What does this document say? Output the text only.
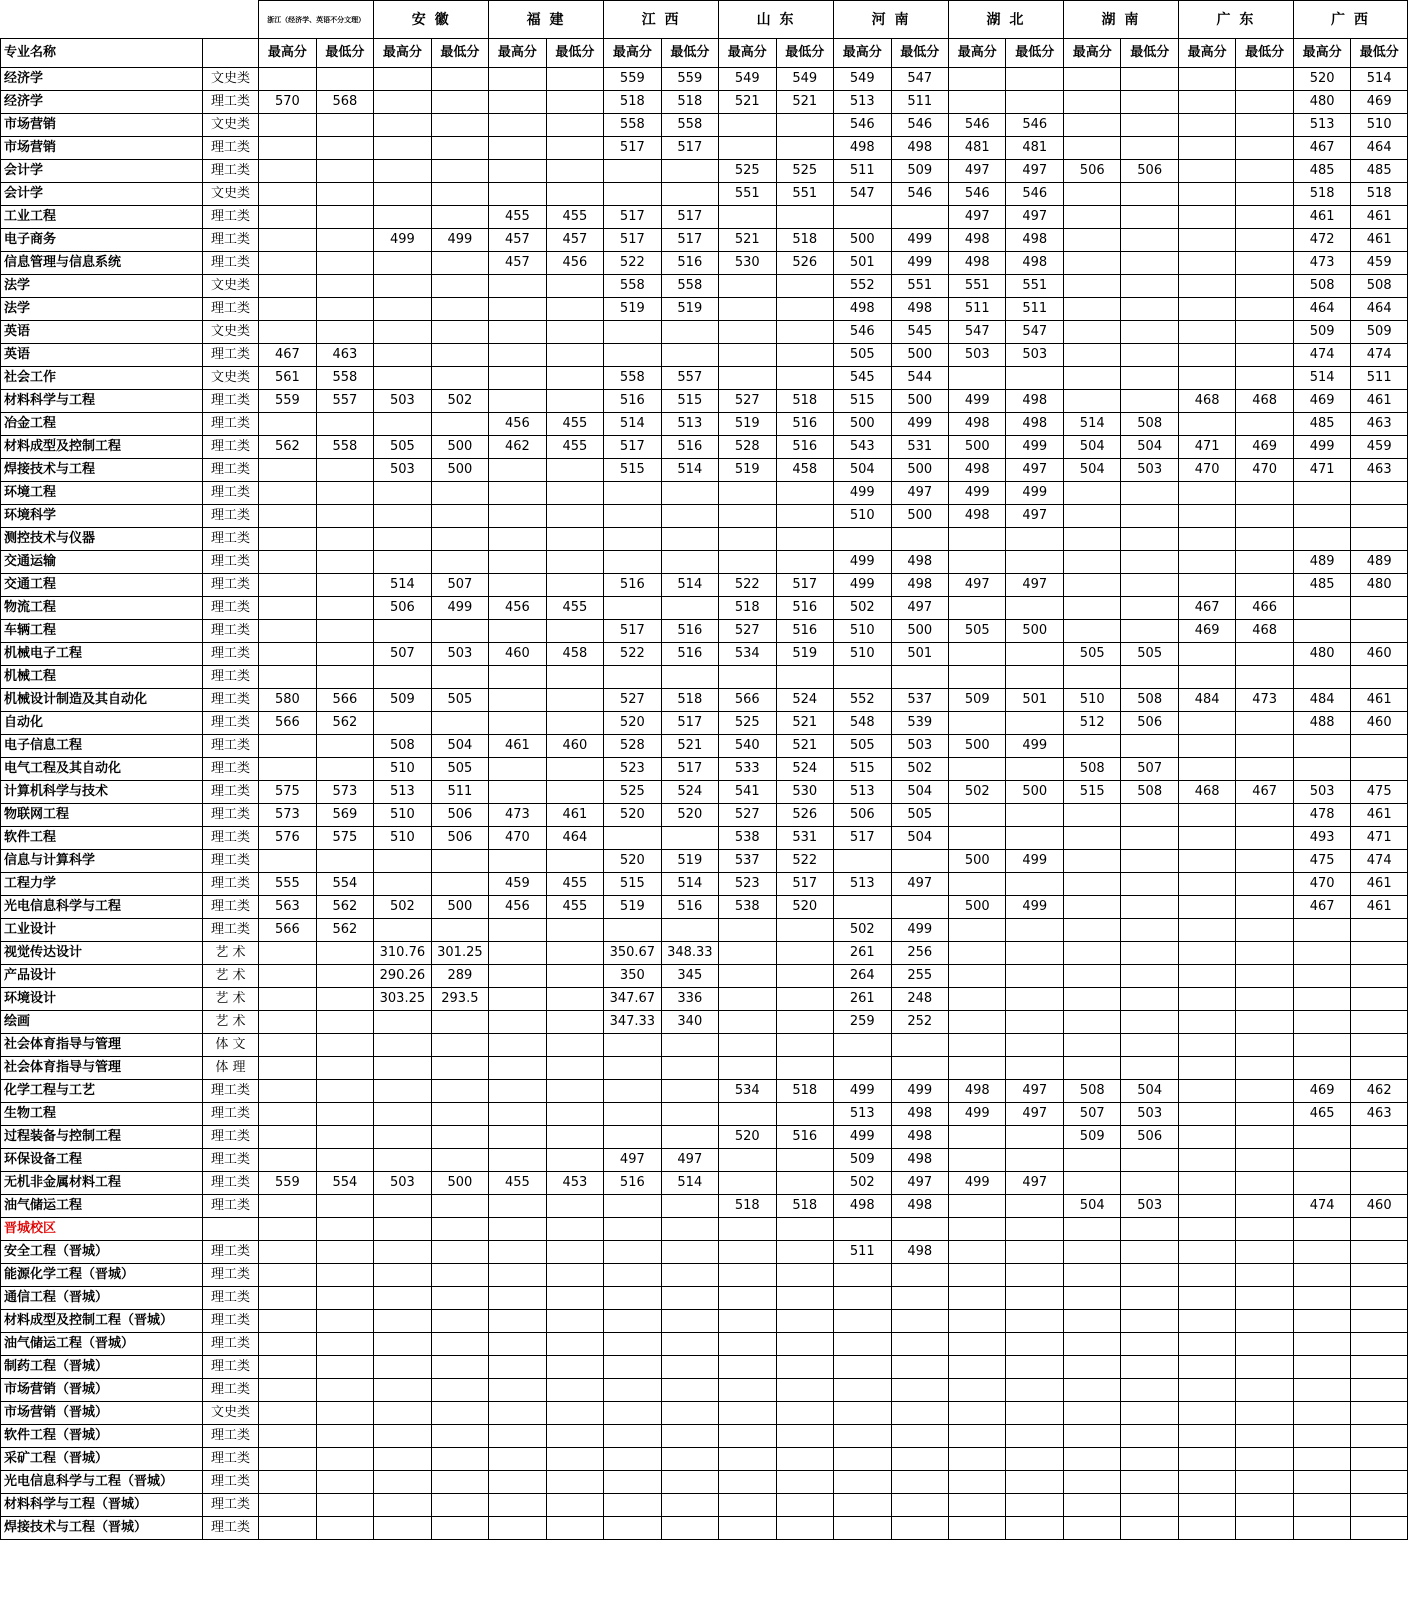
		浙江（经济学、英语不分文理）		安 徽		福 建		江 西		山 东		河 南		湖 北		湖 南		广 东		广 西	
专业名称		最高分	最低分	最高分	最低分	最高分	最低分	最高分	最低分	最高分	最低分	最高分	最低分	最高分	最低分	最高分	最低分	最高分	最低分	最高分	最低分
经济学	文史类							559	559	549	549	549	547							520	514
经济学	理工类	570	568					518	518	521	521	513	511							480	469
市场营销	文史类							558	558			546	546	546	546					513	510
市场营销	理工类							517	517			498	498	481	481					467	464
会计学	理工类									525	525	511	509	497	497	506	506			485	485
会计学	文史类									551	551	547	546	546	546					518	518
工业工程	理工类					455	455	517	517					497	497					461	461
电子商务	理工类			499	499	457	457	517	517	521	518	500	499	498	498					472	461
信息管理与信息系统	理工类					457	456	522	516	530	526	501	499	498	498					473	459
法学	文史类							558	558			552	551	551	551					508	508
法学	理工类							519	519			498	498	511	511					464	464
英语	文史类											546	545	547	547					509	509
英语	理工类	467	463									505	500	503	503					474	474
社会工作	文史类	561	558					558	557			545	544							514	511
材料科学与工程	理工类	559	557	503	502			516	515	527	518	515	500	499	498			468	468	469	461
冶金工程	理工类					456	455	514	513	519	516	500	499	498	498	514	508			485	463
材料成型及控制工程	理工类	562	558	505	500	462	455	517	516	528	516	543	531	500	499	504	504	471	469	499	459
焊接技术与工程	理工类			503	500			515	514	519	458	504	500	498	497	504	503	470	470	471	463
环境工程	理工类											499	497	499	499						
环境科学	理工类											510	500	498	497						
测控技术与仪器	理工类																				
交通运输	理工类											499	498							489	489
交通工程	理工类			514	507			516	514	522	517	499	498	497	497					485	480
物流工程	理工类			506	499	456	455			518	516	502	497					467	466		
车辆工程	理工类							517	516	527	516	510	500	505	500			469	468		
机械电子工程	理工类			507	503	460	458	522	516	534	519	510	501			505	505			480	460
机械工程	理工类																				
机械设计制造及其自动化	理工类	580	566	509	505			527	518	566	524	552	537	509	501	510	508	484	473	484	461
自动化	理工类	566	562					520	517	525	521	548	539			512	506			488	460
电子信息工程	理工类			508	504	461	460	528	521	540	521	505	503	500	499						
电气工程及其自动化	理工类			510	505			523	517	533	524	515	502			508	507				
计算机科学与技术	理工类	575	573	513	511			525	524	541	530	513	504	502	500	515	508	468	467	503	475
物联网工程	理工类	573	569	510	506	473	461	520	520	527	526	506	505							478	461
软件工程	理工类	576	575	510	506	470	464			538	531	517	504							493	471
信息与计算科学	理工类							520	519	537	522			500	499					475	474
工程力学	理工类	555	554			459	455	515	514	523	517	513	497							470	461
光电信息科学与工程	理工类	563	562	502	500	456	455	519	516	538	520			500	499					467	461
工业设计	理工类	566	562									502	499								
视觉传达设计	艺 术			310.76	301.25			350.67	348.33			261	256								
产品设计	艺 术			290.26	289			350	345			264	255								
环境设计	艺 术			303.25	293.5			347.67	336			261	248								
绘画	艺 术							347.33	340			259	252								
社会体育指导与管理	体 文																				
社会体育指导与管理	体 理																				
化学工程与工艺	理工类									534	518	499	499	498	497	508	504			469	462
生物工程	理工类											513	498	499	497	507	503			465	463
过程装备与控制工程	理工类									520	516	499	498			509	506				
环保设备工程	理工类							497	497			509	498								
无机非金属材料工程	理工类	559	554	503	500	455	453	516	514			502	497	499	497						
油气储运工程	理工类									518	518	498	498			504	503			474	460
晋城校区																					
安全工程（晋城）	理工类											511	498								
能源化学工程（晋城）	理工类																				
通信工程（晋城）	理工类																				
材料成型及控制工程（晋城）	理工类																				
油气储运工程（晋城）	理工类																				
制药工程（晋城）	理工类																				
市场营销（晋城）	理工类																				
市场营销（晋城）	文史类																				
软件工程（晋城）	理工类																				
采矿工程（晋城）	理工类																				
光电信息科学与工程（晋城）	理工类																				
材料科学与工程（晋城）	理工类																				
焊接技术与工程（晋城）	理工类																				
